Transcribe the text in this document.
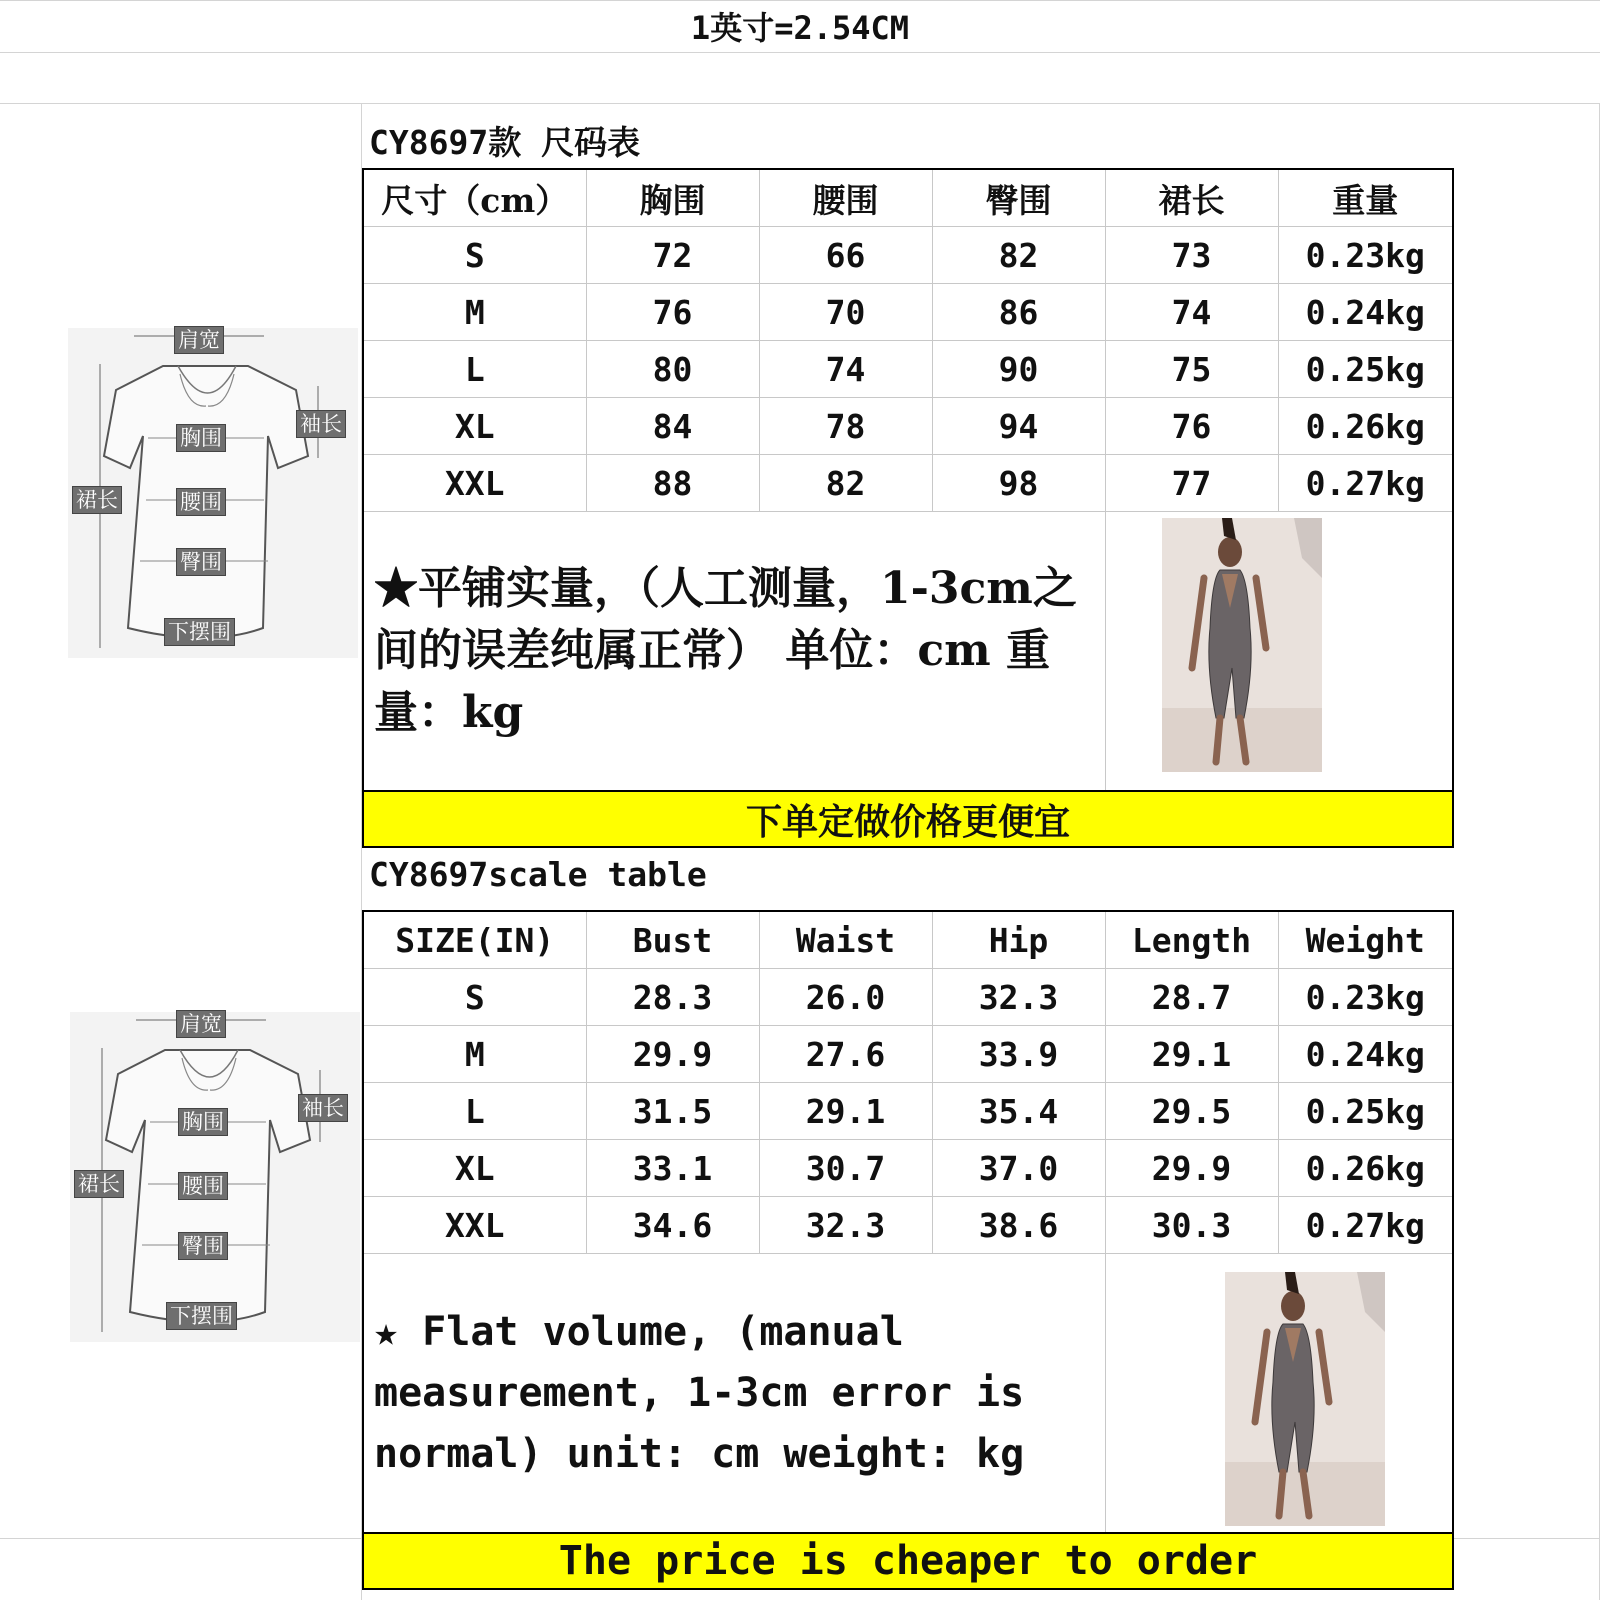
1英寸=2.54CM
CY8697款 尺码表
尺寸（cm）	胸围	腰围	臀围	裙长	重量
S	72	66	82	73	0.23kg
M	76	70	86	74	0.24kg
L	80	74	90	75	0.25kg
XL	84	78	94	76	0.26kg
XXL	88	82	98	77	0.27kg
★平铺实量，（人工测量，1-3cm之间的误差纯属正常） 单位：cm 重量：kg					
下单定做价格更便宜					
CY8697scale table
SIZE(IN)	Bust	Waist	Hip	Length	Weight
S	28.3	26.0	32.3	28.7	0.23kg
M	29.9	27.6	33.9	29.1	0.24kg
L	31.5	29.1	35.4	29.5	0.25kg
XL	33.1	30.7	37.0	29.9	0.26kg
XXL	34.6	32.3	38.6	30.3	0.27kg
★ Flat volume, (manual measurement, 1-3cm error is normal) unit: cm weight: kg					
The price is cheaper to order					
肩宽
袖长
胸围
裙长	腰围
臀围
下摆围
肩宽
袖长
胸围
裙长	腰围
臀围
下摆围
